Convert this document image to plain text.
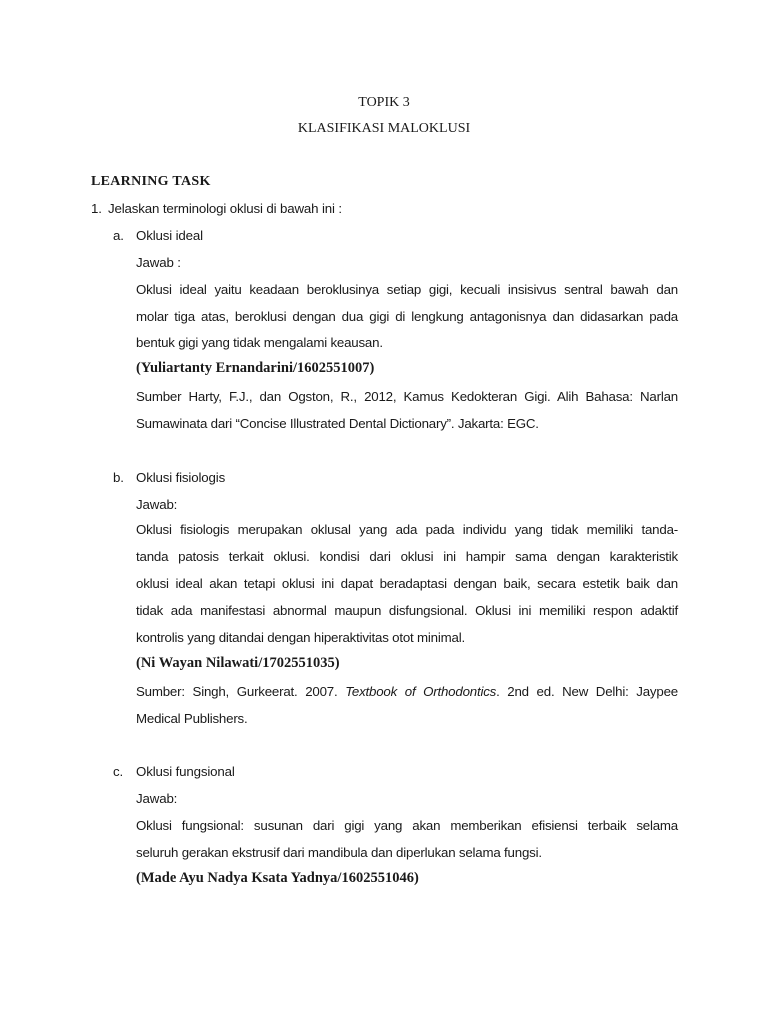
TOPIK 3
KLASIFIKASI MALOKLUSI
LEARNING TASK
1. Jelaskan terminologi oklusi di bawah ini :
a. Oklusi ideal
Jawab :
Oklusi ideal yaitu keadaan beroklusinya setiap gigi, kecuali insisivus sentral bawah dan
molar tiga atas, beroklusi dengan dua gigi di lengkung antagonisnya dan didasarkan pada
bentuk gigi yang tidak mengalami keausan.
(Yuliartanty Ernandarini/1602551007)
Sumber Harty, F.J., dan Ogston, R., 2012, Kamus Kedokteran Gigi. Alih Bahasa: Narlan
Sumawinata dari “Concise Illustrated Dental Dictionary”. Jakarta: EGC.
b. Oklusi fisiologis
Jawab:
Oklusi fisiologis merupakan oklusal yang ada pada individu yang tidak memiliki tanda-
tanda patosis terkait oklusi. kondisi dari oklusi ini hampir sama dengan karakteristik
oklusi ideal akan tetapi oklusi ini dapat beradaptasi dengan baik, secara estetik baik dan
tidak ada manifestasi abnormal maupun disfungsional. Oklusi ini memiliki respon adaktif
kontrolis yang ditandai dengan hiperaktivitas otot minimal.
(Ni Wayan Nilawati/1702551035)
Sumber: Singh, Gurkeerat. 2007. Textbook of Orthodontics. 2nd ed. New Delhi: Jaypee
Medical Publishers.
c. Oklusi fungsional
Jawab:
Oklusi fungsional: susunan dari gigi yang akan memberikan efisiensi terbaik selama
seluruh gerakan ekstrusif dari mandibula dan diperlukan selama fungsi.
(Made Ayu Nadya Ksata Yadnya/1602551046)
